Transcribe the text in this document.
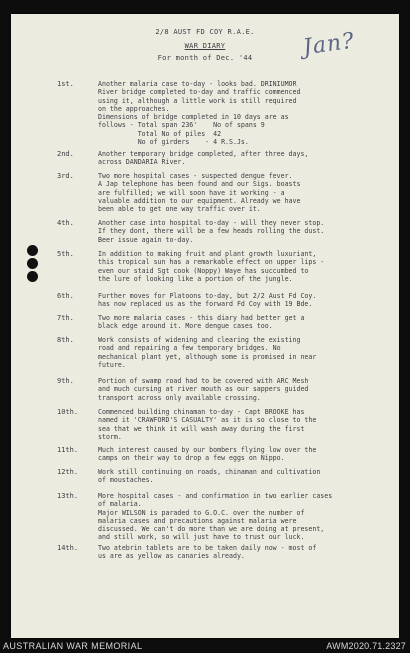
2/8 AUST FD COY R.A.E.
WAR DIARY
For month of Dec. '44	Jan?
1st.	Another malaria case to-day - looks bad. DRINIUMOR
River bridge completed to-day and traffic commenced
using it, although a little work is still required
on the approaches.
Dimensions of bridge completed in 10 days are as
follows - Total span 236'    No of spans 9
Total No of piles  42
No of girders    - 4 R.S.Js.
2nd.	Another temporary bridge completed, after three days,
across DANDARIA River.
3rd.	Two more hospital cases - suspected dengue fever.
A Jap telephone has been found and our Sigs. boasts
are fulfilled; we will soon have it working - a
valuable addition to our equipment. Already we have
been able to get one way traffic over it.
4th.	Another case into hospital to-day - will they never stop.
If they dont, there will be a few heads rolling the dust.
Beer issue again to-day.
5th.	In addition to making fruit and plant growth luxuriant,
this tropical sun has a remarkable effect on upper lips -
even our staid Sgt cook (Noppy) Waye has succumbed to
the lure of looking like a portion of the jungle.
6th.	Further moves for Platoons to-day, but 2/2 Aust Fd Coy.
has now replaced us as the forward Fd Coy with 19 Bde.
7th.	Two more malaria cases - this diary had better get a
black edge around it. More dengue cases too.
8th.	Work consists of widening and clearing the existing
road and repairing a few temporary bridges. No
mechanical plant yet, although some is promised in near
future.
9th.	Portion of swamp road had to be covered with ARC Mesh
and much cursing at river mouth as our sappers guided
transport across only available crossing.
10th.	Commenced building chinaman to-day - Capt BROOKE has
named it 'CRAWFORD'S CASUALTY' as it is so close to the
sea that we think it will wash away during the first
storm.
11th.	Much interest caused by our bombers flying low over the
camps on their way to drop a few eggs on Nippo.
12th.	Work still continuing on roads, chinaman and cultivation
of moustaches.
13th.	More hospital cases - and confirmation in two earlier cases
of malaria.
Major WILSON is paraded to G.O.C. over the number of
malaria cases and precautions against malaria were
discussed. We can't do more than we are doing at present,
and still work, so will just have to trust our luck.
14th.	Two atebrin tablets are to be taken daily now - most of
us are as yellow as canaries already.
AUSTRALIAN WAR MEMORIAL	AWM2020.71.2327
